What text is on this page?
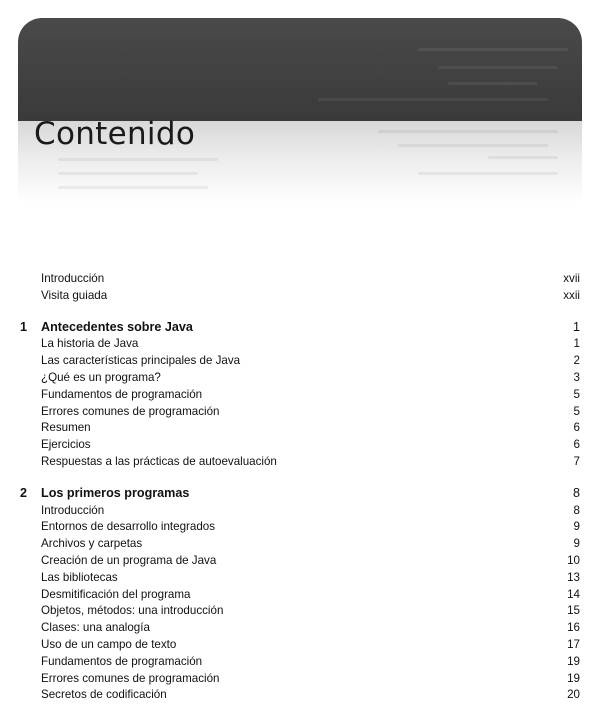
Contenido
Introducción	xvii
Visita guiada	xxii
1	Antecedentes sobre Java	1
La historia de Java	1
Las características principales de Java	2
¿Qué es un programa?	3
Fundamentos de programación	5
Errores comunes de programación	5
Resumen	6
Ejercicios	6
Respuestas a las prácticas de autoevaluación	7
2	Los primeros programas	8
Introducción	8
Entornos de desarrollo integrados	9
Archivos y carpetas	9
Creación de un programa de Java	10
Las bibliotecas	13
Desmitificación del programa	14
Objetos, métodos: una introducción	15
Clases: una analogía	16
Uso de un campo de texto	17
Fundamentos de programación	19
Errores comunes de programación	19
Secretos de codificación	20
